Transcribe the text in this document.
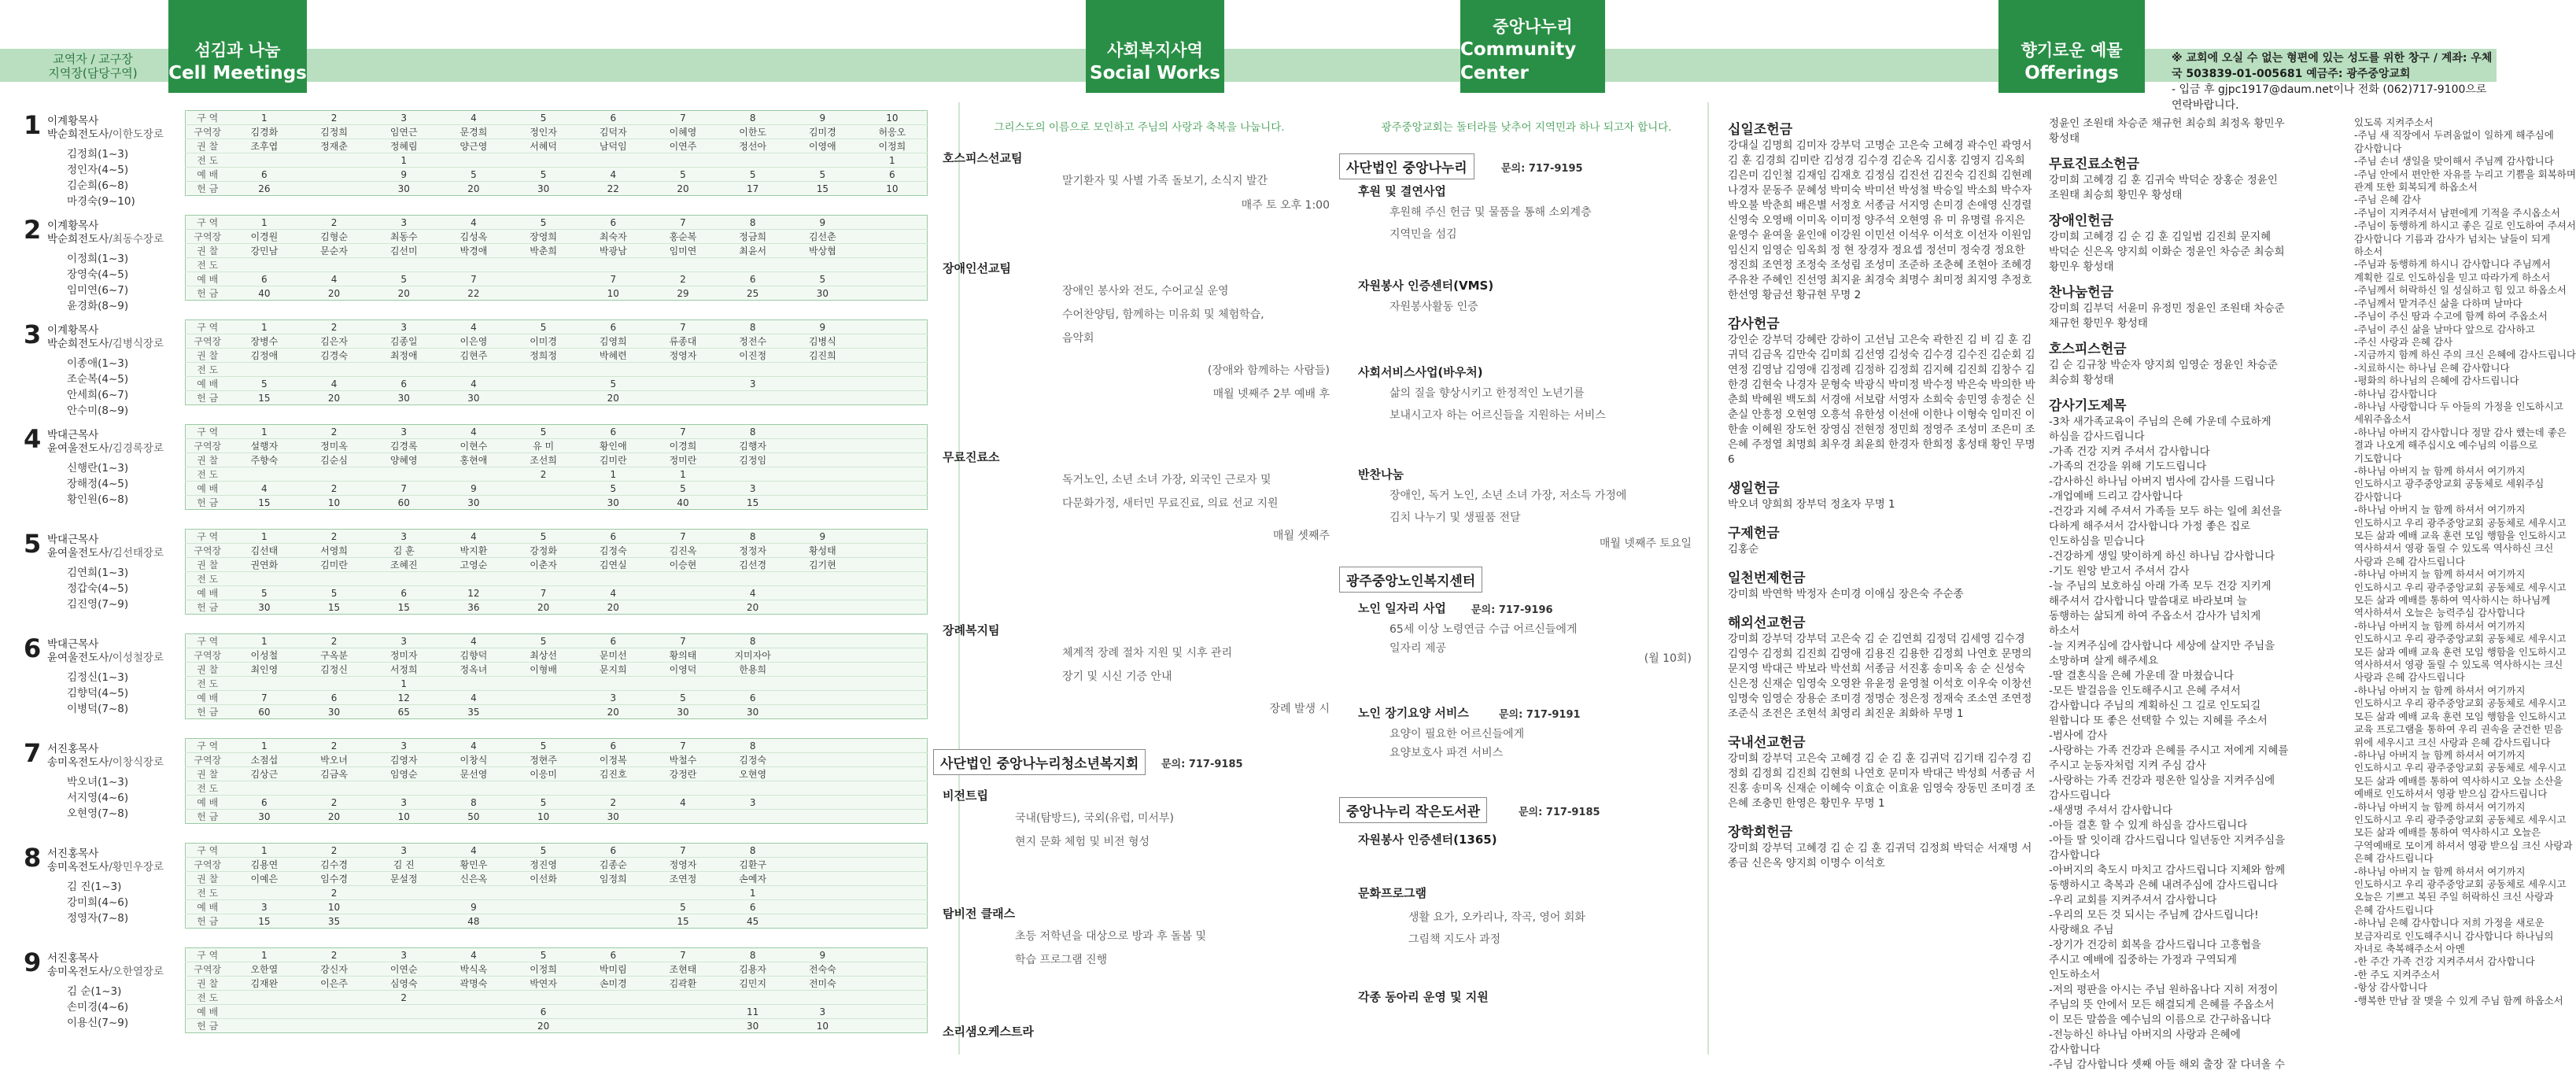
교역자 / 교구장
지역장(담당구역)
섬김과 나눔
Cell Meetings
사회복지사역
Social Works
중앙나누리
Community Center
향기로운 예물
Offerings
※ 교회에 오실 수 없는 형편에 있는 성도를 위한 창구 / 계좌: 우체국 503839-01-005681 예금주: 광주중앙교회
- 입금 후 gjpc1917@daum.net이나 전화 (062)717-9100으로 연락바랍니다.
1 이계황목사
박순희전도사/이한도장로
김정희(1~3)
정인자(4~5)
김순희(6~8)
마경숙(9~10)
구 역	1	2	3	4	5	6	7	8	9	10
구역장	김경화	김정희	임연근	문경희	정인자	김덕자	이혜영	이한도	김미경	허응오
권 찰	조후엽	정재춘	정혜림	양근영	서혜덕	남덕임	이연주	정선아	이영애	이정희
전 도			1							1
예 배	6		9	5	5	4	5	5	5	6
헌 금	26		30	20	30	22	20	17	15	10
2 이계황목사
박순희전도사/최동수장로
이정희(1~3)
장영숙(4~5)
임미연(6~7)
윤경화(8~9)
구 역	1	2	3	4	5	6	7	8	9	
구역장	이경원	김형순	최동수	김성옥	장영희	최숙자	홍순복	정금희	김선춘	
권 찰	강민남	문순자	김선미	박경애	박춘희	박광남	임미연	최윤서	박상협	
전 도										
예 배	6	4	5	7		7	2	6	5	
헌 금	40	20	20	22		10	29	25	30	
3 이계황목사
박순희전도사/김병식장로
이종애(1~3)
조순복(4~5)
안세희(6~7)
안수미(8~9)
구 역	1	2	3	4	5	6	7	8	9	
구역장	장병수	김은자	김종일	이은영	이미경	김영희	류종대	정전수	김병식	
권 찰	김정애	김경숙	최정애	김현주	정희정	박혜련	정영자	이진정	김진희	
전 도										
예 배	5	4	6	4		5		3		
헌 금	15	20	30	30		20				
4 박대근목사
윤여울전도사/김경록장로
신행란(1~3)
장해정(4~5)
황인원(6~8)
구 역	1	2	3	4	5	6	7	8		
구역장	설행자	정미옥	김경록	이현수	유 미	황인애	이경희	김행자		
권 찰	주향숙	김순심	양혜영	홍현애	조선희	김미란	정미란	김정임		
전 도					2	1	1			
예 배	4	2	7	9		5	5	3		
헌 금	15	10	60	30		30	40	15		
5 박대근목사
윤여울전도사/김선태장로
김연희(1~3)
정갑숙(4~5)
김진영(7~9)
구 역	1	2	3	4	5	6	7	8	9	
구역장	김선태	서영희	김 훈	박지환	강정화	김정숙	김진옥	정정자	황성태	
권 찰	권연화	김미란	조혜진	고영순	이춘자	김연실	이승현	김선경	김기현	
전 도										
예 배	5	5	6	12	7	4		4		
헌 금	30	15	15	36	20	20		20		
6 박대근목사
윤여울전도사/이성철장로
김정신(1~3)
김향덕(4~5)
이병덕(7~8)
구 역	1	2	3	4	5	6	7	8		
구역장	이성철	구옥분	정미자	김향덕	최상선	문미선	황의태	지미자아		
권 찰	최인영	김정신	서정희	정옥녀	이형배	문지희	이영덕	한용희		
전 도			1							
예 배	7	6	12	4		3	5	6		
헌 금	60	30	65	35		20	30	30		
7 서진홍목사
송미옥전도사/이창식장로
박오녀(1~3)
서지영(4~6)
오현영(7~8)
구 역	1	2	3	4	5	6	7	8		
구역장	소점섭	박오녀	김영자	이창식	정현주	이정복	박철수	김정숙		
권 찰	김상근	김금옥	임영순	문선영	이응미	김진호	강정란	오현영		
전 도										
예 배	6	2	3	8	5	2	4	3		
헌 금	30	20	10	50	10	30				
8 서진홍목사
송미옥전도사/황민우장로
김 진(1~3)
강미희(4~6)
정영자(7~8)
구 역	1	2	3	4	5	6	7	8		
구역장	김용연	김수경	김 진	황민우	정진영	김종순	정영자	김환구		
권 찰	이예은	임수경	문설정	신은옥	이선화	임정희	조연정	손예자		
전 도		2						1		
예 배	3	10		9			5	6		
헌 금	15	35		48			15	45		
9 서진홍목사
송미옥전도사/오한열장로
김 순(1~3)
손미경(4~6)
이용신(7~9)
구 역	1	2	3	4	5	6	7	8	9	
구역장	오한열	강신자	이연순	박식옥	이정희	박미림	조현태	김용자	전숙숙	
권 찰	김재완	이은주	심영숙	곽명숙	박연자	손미경	김곽환	김민지	전미숙	
전 도			2							
예 배					6			11	3	
헌 금					20			30	10	
그리스도의 이름으로 모인하고 주님의 사랑과 축복을 나눕니다.
호스피스선교팀
말기환자 및 사별 가족 돌보기, 소식지 발간
매주 토 오후 1:00
장애인선교팀
장애인 봉사와 전도, 수어교실 운영
수어찬양팀, 함께하는 미유회 및 체험학습,
음악회
(장애와 함께하는 사람들)
매월 넷째주 2부 예배 후
무료진료소
독거노인, 소년 소녀 가장, 외국인 근로자 및
다문화가정, 새터민 무료진료, 의료 선교 지원
매월 셋째주
장례복지팀
체계적 장례 절차 지원 및 시후 관리
장기 및 시신 기증 안내
장례 발생 시
사단법인 중앙나누리청소년복지회	문의: 717-9185
비전트립
국내(탐방드), 국외(유럽, 미서부)
현지 문화 체험 및 비전 형성
탐비전 클래스
초등 저학년을 대상으로 방과 후 돌봄 및
학습 프로그램 진행
소리샘오케스트라
광주중앙교회는 돌터라를 낮추어 지역민과 하나 되고자 합니다.
사단법인 중앙나누리	문의: 717-9195
후원 및 결연사업
후원해 주신 헌금 및 물품을 통해 소외계층
지역민을 섬김
자원봉사 인증센터(VMS)
자원봉사활동 인증
사회서비스사업(바우처)
삶의 질을 향상시키고 한정적인 노년기를
보내시고자 하는 어르신들을 지원하는 서비스
반찬나눔
장애인, 독거 노인, 소년 소녀 가장, 저소득 가정에
김치 나누기 및 생필품 전달
매월 넷째주 토요일
광주중앙노인복지센터
노인 일자리 사업 문의: 717-9196
65세 이상 노령연금 수급 어르신들에게
일자리 제공
(월 10회)
노인 장기요양 서비스	문의: 717-9191
요양이 필요한 어르신들에게
요양보호사 파견 서비스
중앙나누리 작은도서관	문의: 717-9185
자원봉사 인증센터(1365)
문화프로그램
생활 요가, 오카리나, 작곡, 영어 회화
그림책 지도사 과정
각종 동아리 운영 및 지원
십일조헌금
강대실 김명희 김미자 강부덕 고명순 고은숙 고혜경 곽수인 곽영서 김 훈 김경희 김미란 김성경 김수경 김순옥 김시홍 김영지 김옥희 김은미 김인철 김재임 김재호 김정심 김진선 김진숙 김진희 김현례 나경자 문동주 문혜성 박미숙 박미선 박성철 박승일 박소희 박수자 박오불 박춘희 배은별 서정호 서종금 서지영 손미경 손애영 신경렬 신영숙 오영배 이미옥 이미정 양주석 오현영 유 미 유명렬 유지은 윤영수 윤여울 윤인애 이강원 이민선 이석우 이석호 이선자 이원임 임신지 임영순 임옥희 정 현 장경자 정요셉 정선미 정숙경 정요한 정진희 조연정 조정숙 조성림 조성미 조준하 조춘혜 조현아 조혜경 주유찬 주혜인 진선영 최지윤 최경숙 최명수 최미정 최지영 추정호 한선영 황금선 황규현 무명 2
감사헌금
강인순 강부덕 강혜란 강하이 고선님 고은숙 곽한진 김 비 김 훈 김귀덕 김금옥 김만숙 김미희 김선영 김성숙 김수경 김수진 김순회 김연정 김영남 김영애 김정례 김정하 김정희 김지혜 김진희 김창수 김한경 김현숙 나경자 문형숙 박광식 박미정 박수정 박은숙 박의한 박춘희 박혜원 백도희 서경애 서보람 서영자 소희숙 송민영 송정순 신춘실 안흥정 오현영 오흥석 유한성 이선애 이한나 이형숙 임미진 이한솔 이혜원 장도헌 장영심 전현정 정민희 정영주 조성미 조은미 조은혜 주정열 최명희 최우경 최윤희 한경자 한희정 홍성태 황인 무명 6
생일헌금
박오녀 양희희 장부덕 정초자 무명 1
구제헌금
김홍순
일천번제헌금
강미희 박연학 박정자 손미경 이애심 장은숙 주순종
해외선교헌금
강미희 강부덕 강부덕 고은숙 김 순 김연희 김정덕 김세영 김수경 김영수 김정희 김진희 김영애 김용진 김용한 김정희 나연호 문명의 문지영 박대근 박보라 박선희 서종금 서진홍 송미옥 송 순 신성숙 신은정 신재순 임영숙 오영완 유윤정 윤영철 이석호 이우숙 이창선 임명숙 임영순 장용순 조미경 정명순 정은정 정재숙 조소연 조연정 조준식 조전은 조현석 최영리 최진운 최화하 무명 1
국내선교헌금
강미희 강부덕 고은숙 고혜경 김 순 김 훈 김귀덕 김기태 김수경 김정회 김정희 김진희 김현희 나연호 문미자 박대근 박성희 서종금 서진홍 송미옥 신재순 이혜숙 이효순 이효윤 임영숙 장동민 조미경 조은혜 조충민 한영은 황민우 무명 1
장학회헌금
강미희 강부덕 고혜경 김 순 김 훈 김귀덕 김정희 박덕순 서재명 서종금 신은옥 양지희 이명수 이석호
정윤인 조원태 차승준 채규헌 최승희 최정옥 황민우
황성태
무료진료소헌금
강미희 고혜경 김 훈 김귀숙 박덕순 장홍순 정윤인
조원태 최승희 황민우 황성태
장애인헌금
강미희 고혜경 김 순 김 훈 김일범 김진희 문지혜
박덕순 신은옥 양지희 이화순 정윤인 차승준 최승희
황민우 황성태
찬나눔헌금
강미희 김부덕 서윤미 유정민 정윤인 조원태 차승준
채규헌 황민우 황성태
호스피스헌금
김 순 김규창 박순자 양지희 임영순 정윤인 차승준
최승희 황성태
감사기도제목
-3차 새가족교육이 주님의 은혜 가운데 수료하게
하심을 감사드립니다
-가족 건강 지켜 주셔서 감사합니다
-가족의 건강을 위해 기도드립니다
-감사하신 하나님 아버지 범사에 감사를 드립니다
-개업예배 드리고 감사합니다
-건강과 지혜 주셔서 가족들 모두 하는 일에 최선을
다하게 해주셔서 감사합니다 가정 좋은 집로
인도하심을 믿습니다
-건강하게 생일 맞이하게 하신 하나님 감사합니다
-기도 원앙 받고서 주셔서 감사
-늘 주님의 보호하심 아래 가족 모두 건강 지키게
해주셔서 감사합니다 말씀대로 바라보며 늘
동행하는 삶되게 하여 주옵소서 감사가 넘치게
하소서
-늘 지켜주심에 감사합니다 세상에 살지만 주님을
소망하며 살게 해주세요
-딸 결혼식을 은혜 가운데 잘 마쳤습니다
-모든 발걸음을 인도해주시고 은혜 주셔서
감사합니다 주님의 계획하신 그 길로 인도되길
원합니다 또 좋은 선택할 수 있는 지혜를 주소서
-범사에 감사
-사랑하는 가족 건강과 은혜를 주시고 저에게 지혜를
주시고 눈동자처럼 지켜 주심 감사
-사랑하는 가족 건강과 평온한 일상을 지켜주심에
감사드립니다
-새생명 주셔서 감사합니다
-아들 결혼 할 수 있게 하심을 감사드립니다
-아들 딸 잇이래 감사드립니다 일년동안 지켜주심을
감사합니다
-아버지의 축도시 마치고 감사드립니다 지체와 함께
동행하시고 축복과 은혜 내려주심에 감사드립니다
-우리 교회를 지켜주셔서 감사합니다
-우리의 모든 것 되시는 주님께 감사드립니다!
사랑해요 주님
-장기가 건강히 회복을 감사드립니다 고흥협을
주시고 예배에 집중하는 가정과 구역되게
인도하소서
-저의 평판을 아시는 주님 원하옵나다 지히 저정이
주님의 뜻 안에서 모든 해결되게 은혜를 주옵소서
이 모든 말씀을 예수님의 이름으로 간구하옵니다
-전능하신 하나님 아버지의 사랑과 은혜에
감사합니다
-주님 감사합니다 셋째 아들 해외 출장 잘 다녀올 수
있도록 지켜주소서
-주님 새 직장에서 두려움없이 일하게 해주심에
감사합니다
-주님 손녀 생일을 맞이해서 주님께 감사합니다
-주님 안에서 편안한 자유를 누리고 기쁨을 회복하며
관계 또한 회복되게 하옵소서
-주님 은혜 감사
-주님이 지켜주셔서 남편에게 기적을 주시옵소서
-주님이 동행하게 하시고 좋은 길로 인도하여 주셔서
감사합니다 기름과 감사가 넘치는 날들이 되게
하소서
-주님과 동행하게 하시니 감사합니다 주님께서
계획한 길로 인도하심을 믿고 따라가게 하소서
-주님께서 허락하신 일 성실하고 힘 있고 하옵소서
-주님께서 맡겨주신 삶을 다하며 날마다
-주님이 주신 땀과 수고에 함께 하여 주옵소서
-주님이 주신 삶을 날마다 앞으로 감사하고
-주신 사랑과 은혜 감사
-지금까지 함께 하신 주의 크신 은혜에 감사드립니다
-치료하시는 하나님 은혜 감사합니다
-평화의 하나님의 은혜에 감사드립니다
-하나님 감사합니다
-하나님 사랑합니다 두 아들의 가정을 인도하시고
세워주옵소서
-하나님 아버지 감사합니다 정말 감사 했는데 좋은
결과 나오게 해주십시오 예수님의 이름으로
기도합니다
-하나님 아버지 늘 함께 하셔서 여기까지
인도하시고 광주중앙교회 공동체로 세워주심
감사합니다
-하나님 아버지 늘 함께 하셔서 여기까지
인도하시고 우리 광주중앙교회 공동체로 세우시고
모든 삶과 예배 교육 훈련 모임 행함을 인도하시고
역사하셔서 영광 돌릴 수 있도록 역사하신 크신
사랑과 은혜 감사드립니다
-하나님 아버지 늘 함께 하셔서 여기까지
인도하시고 우리 광주중앙교회 공동체로 세우시고
모든 삶과 예배를 통하여 역사하시는 하나님께
역사하셔서 오늘은 능력주심 감사합니다
-하나님 아버지 늘 함께 하셔서 여기까지
인도하시고 우리 광주중앙교회 공동체로 세우시고
모든 삶과 예배 교육 훈련 모임 행함을 인도하시고
역사하셔서 영광 돌릴 수 있도록 역사하시는 크신
사랑과 은혜 감사드립니다
-하나님 아버지 늘 함께 하셔서 여기까지
인도하시고 우리 광주중앙교회 공동체로 세우시고
모든 삶과 예배 교육 훈련 모임 행함을 인도하시고
교육 프로그램을 통하여 우리 권속을 굳건한 믿음
위에 세우시고 크신 사랑과 은혜 감사드립니다
-하나님 아버지 늘 함께 하셔서 여기까지
인도하시고 우리 광주중앙교회 공동체로 세우시고
모든 삶과 예배를 통하여 역사하시고 오늘 소산을
예배로 인도하셔서 영광 받으심 감사드립니다
-하나님 아버지 늘 함께 하셔서 여기까지
인도하시고 우리 광주중앙교회 공동체로 세우시고
모든 삶과 예배를 통하여 역사하시고 오늘은
구역예배로 모이게 하셔서 영광 받으심 크신 사랑과
은혜 감사드립니다
-하나님 아버지 늘 함께 하셔서 여기까지
인도하시고 우리 광주중앙교회 공동체로 세우시고
오늘은 기쁘고 복된 주일 허락하신 크신 사랑과
은혜 감사드립니다
-하나님 은혜 감사합니다 저희 가정을 새로운
보금자리로 인도해주시니 감사합니다 하나님의
자녀로 축복해주소서 아멘
-한 주간 가족 건강 지켜주셔서 감사합니다
-한 주도 지켜주소서
-항상 감사합니다
-행복한 만남 잘 맺을 수 있게 주님 함께 하옵소서
